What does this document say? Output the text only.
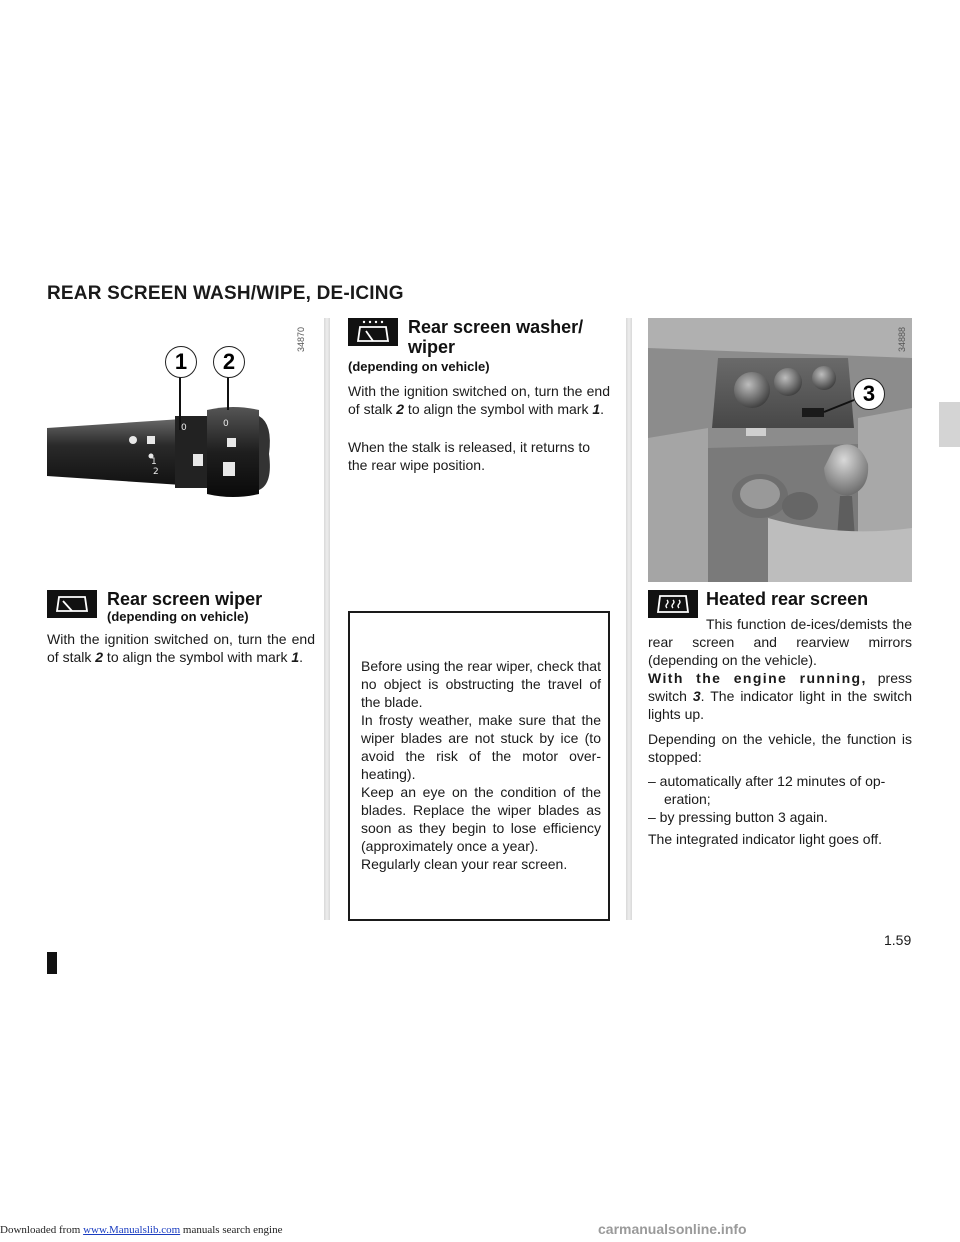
REAR SCREEN WASH/WIPE, DE-ICING
0
1
2
0
1	2
34870
Rear screen wiper
(depending on vehicle)
With the ignition switched on, turn the end of stalk 2 to align the symbol with mark 1.
Rear screen washer/
wiper
(depending on vehicle)
With the ignition switched on, turn the end of stalk 2 to align the symbol with mark 1.
When the stalk is released, it returns to the rear wipe position.
Before using the rear wiper, check that no object is obstructing the travel of the blade.
In frosty weather, make sure that the wiper blades are not stuck by ice (to avoid the risk of the motor over-heating).
Keep an eye on the condition of the blades. Replace the wiper blades as soon as they begin to lose efficiency (approximately once a year).
Regularly clean your rear screen.
3
34888
Heated rear screen
This function de-ices/demists the rear screen and rearview mirrors (depending on the vehicle).
With the engine running, press switch 3. The indicator light in the switch lights up.
Depending on the vehicle, the function is stopped:
– automatically after 12 minutes of op-eration;
– by pressing button 3 again.
The integrated indicator light goes off.
1.59
Downloaded from www.Manualslib.com manuals search engine	carmanualsonline.info
